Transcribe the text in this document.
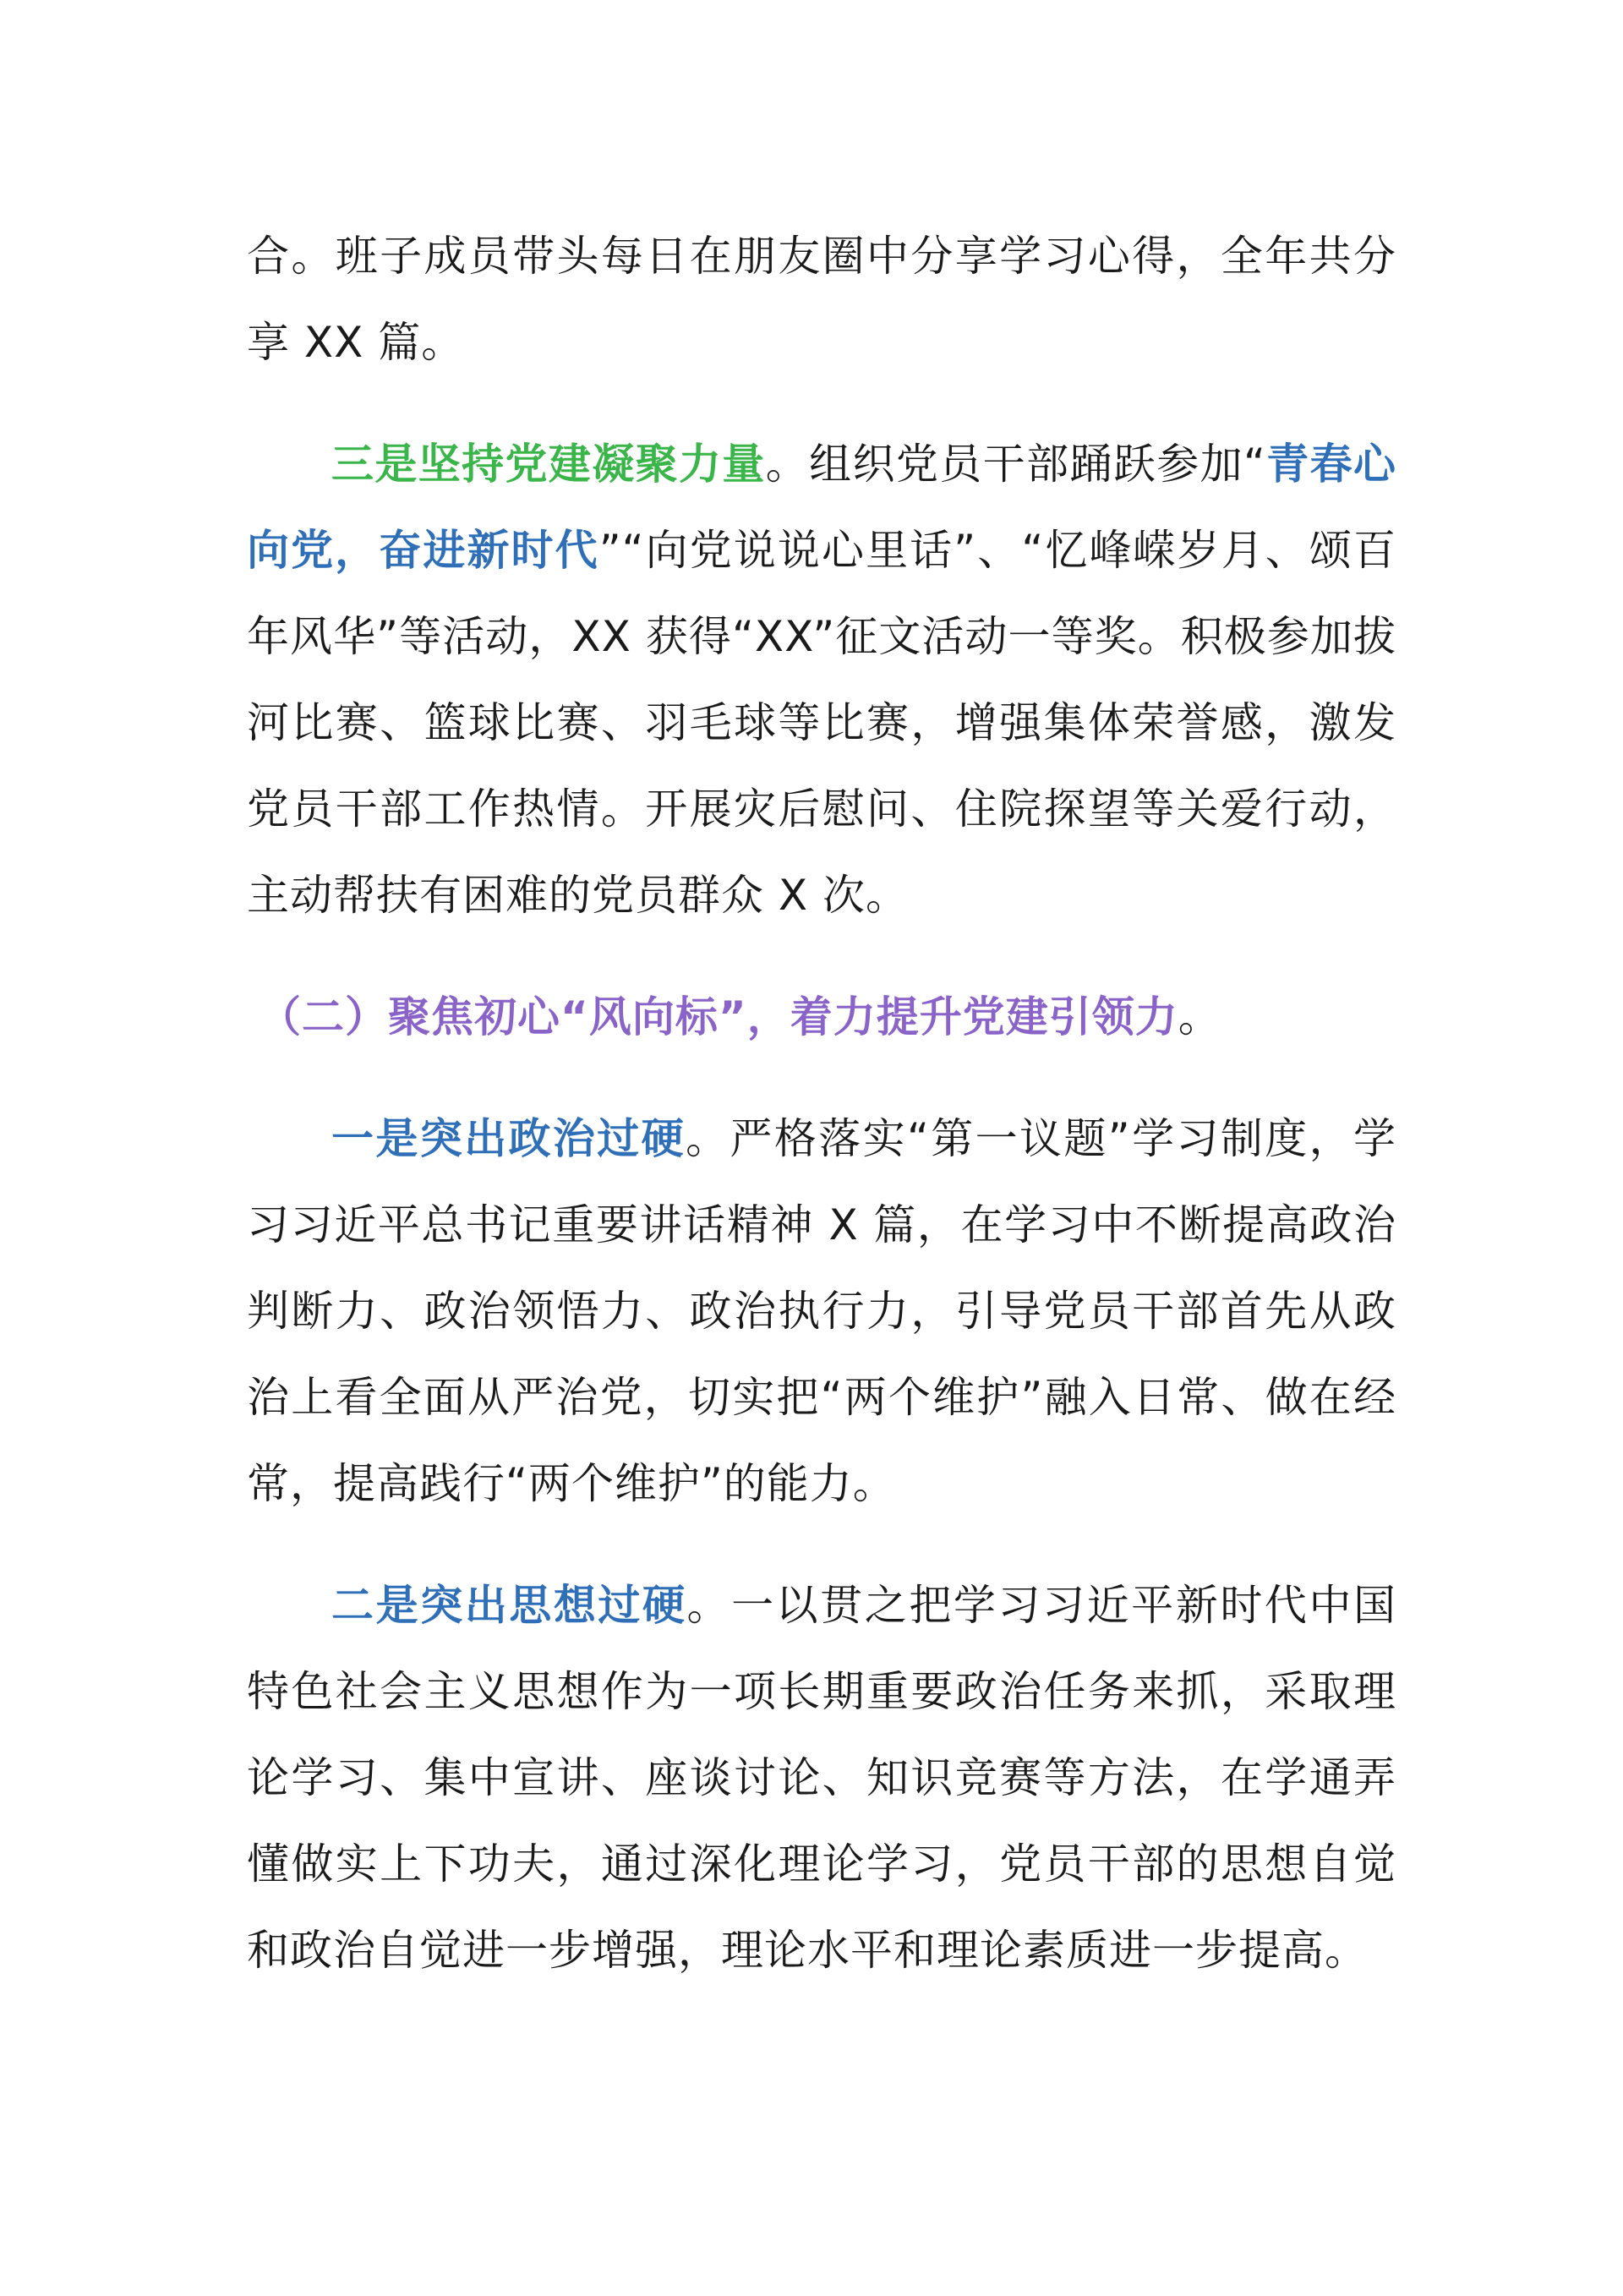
合。班子成员带头每日在朋友圈中分享学习心得，全年共分享 XX 篇。

三是坚持党建凝聚力量。组织党员干部踊跃参加“青春心向党，奋进新时代”“向党说说心里话”、“忆峰嵘岁月、颂百年风华”等活动，XX 获得“XX”征文活动一等奖。积极参加拔河比赛、篮球比赛、羽毛球等比赛，增强集体荣誉感，激发党员干部工作热情。开展灾后慰问、住院探望等关爱行动，主动帮扶有困难的党员群众 X 次。

（二）聚焦初心“风向标”，着力提升党建引领力。

一是突出政治过硬。严格落实“第一议题”学习制度，学习习近平总书记重要讲话精神 X 篇，在学习中不断提高政治判断力、政治领悟力、政治执行力，引导党员干部首先从政治上看全面从严治党，切实把“两个维护”融入日常、做在经常，提高践行“两个维护”的能力。

二是突出思想过硬。一以贯之把学习习近平新时代中国特色社会主义思想作为一项长期重要政治任务来抓，采取理论学习、集中宣讲、座谈讨论、知识竞赛等方法，在学通弄懂做实上下功夫，通过深化理论学习，党员干部的思想自觉和政治自觉进一步增强，理论水平和理论素质进一步提高。
